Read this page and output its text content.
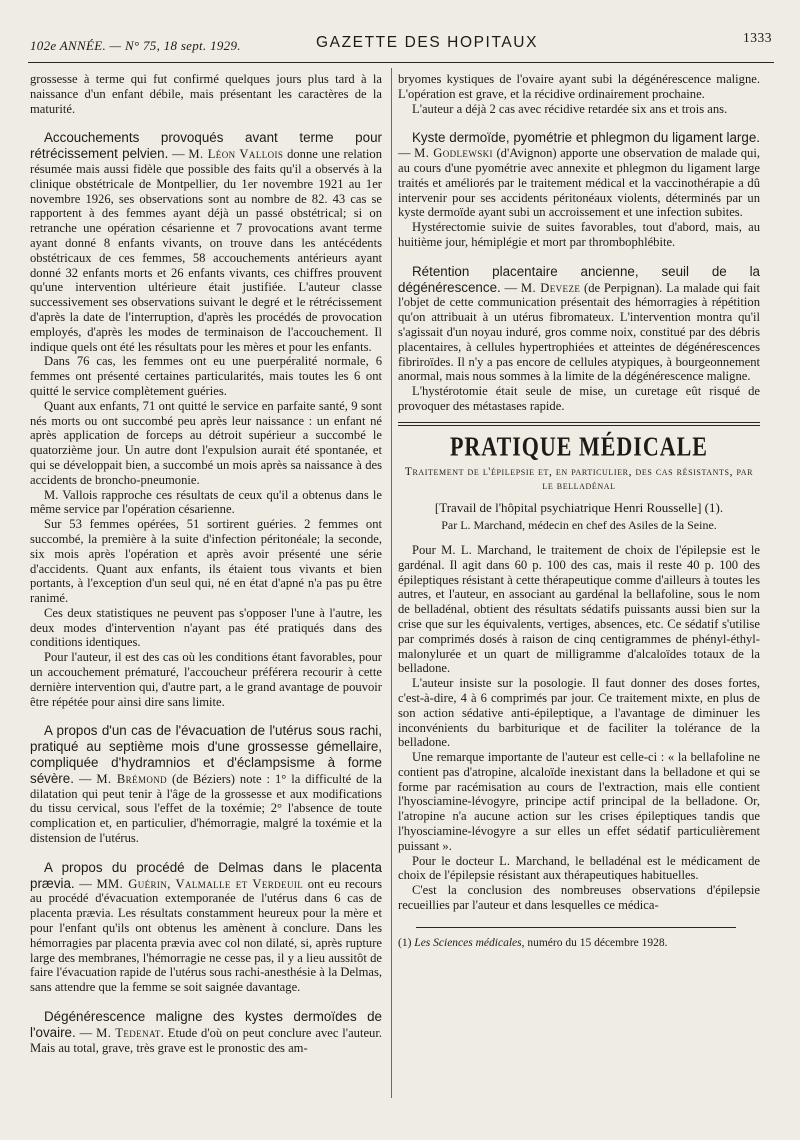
102e ANNÉE. — N° 75, 18 sept. 1929.	GAZETTE DES HOPITAUX	1333

grossesse à terme qui fut confirmé quelques jours plus tard à la naissance d'un enfant débile, mais présentant les caractères de la maturité.

Accouchements provoqués avant terme pour rétrécissement pelvien. — M. Léon Vallois donne une relation résumée mais aussi fidèle que possible des faits qu'il a observés à la clinique obstétricale de Montpellier, du 1er novembre 1921 au 1er novembre 1926, ses observations sont au nombre de 82. 43 cas se rapportent à des femmes ayant déjà un passé obstétrical; si on retranche une opération césarienne et 7 provocations avant terme ayant donné 8 enfants vivants, on trouve dans les antécédents obstétricaux de ces femmes, 58 accouchements antérieurs ayant donné 32 enfants morts et 26 enfants vivants, ces chiffres prouvent qu'une intervention ultérieure était justifiée. L'auteur classe successivement ses observations suivant le degré et le rétrécissement d'après la date de l'interruption, d'après les procédés de provocation employés, d'après les modes de terminaison de l'accouchement. Il indique quels ont été les résultats pour les mères et pour les enfants.

Dans 76 cas, les femmes ont eu une puerpéralité normale, 6 femmes ont présenté certaines particularités, mais toutes les 6 ont quitté le service complètement guéries.

Quant aux enfants, 71 ont quitté le service en parfaite santé, 9 sont nés morts ou ont succombé peu après leur naissance : un enfant né après application de forceps au détroit supérieur a succombé le quatorzième jour. Un autre dont l'expulsion aurait été spontanée, et qui se développait bien, a succombé un mois après sa naissance à des accidents de broncho-pneumonie.

M. Vallois rapproche ces résultats de ceux qu'il a obtenus dans le même service par l'opération césarienne.

Sur 53 femmes opérées, 51 sortirent guéries. 2 femmes ont succombé, la première à la suite d'infection péritonéale; la seconde, six mois après l'opération et après avoir présenté une série d'accidents. Quant aux enfants, ils étaient tous vivants et bien portants, à l'exception d'un seul qui, né en état d'apné n'a pas pu être ranimé.

Ces deux statistiques ne peuvent pas s'opposer l'une à l'autre, les deux modes d'intervention n'ayant pas été pratiqués dans des conditions identiques.

Pour l'auteur, il est des cas où les conditions étant favorables, pour un accouchement prématuré, l'accoucheur préférera recourir à cette dernière intervention qui, d'autre part, a le grand avantage de pouvoir être répétée pour ainsi dire sans limite.

A propos d'un cas de l'évacuation de l'utérus sous rachi, pratiqué au septième mois d'une grossesse gémellaire, compliquée d'hydramnios et d'éclampsisme à forme sévère. — M. Brémond (de Béziers) note : 1° la difficulté de la dilatation qui peut tenir à l'âge de la grossesse et aux modifications du tissu cervical, sous l'effet de la toxémie; 2° l'absence de toute complication et, en particulier, d'hémorragie, malgré la toxémie et la distension de l'utérus.

A propos du procédé de Delmas dans le placenta prævia. — MM. Guérin, Valmalle et Verdeuil ont eu recours au procédé d'évacuation extemporanée de l'utérus dans 6 cas de placenta prævia. Les résultats constamment heureux pour la mère et pour l'enfant qu'ils ont obtenus les amènent à conclure. Dans les hémorragies par placenta prævia avec col non dilaté, si, après rupture large des membranes, l'hémorragie ne cesse pas, il y a lieu aussitôt de faire l'évacuation rapide de l'utérus sous rachi-anesthésie à la Delmas, sans attendre que la femme se soit saignée davantage.

Dégénérescence maligne des kystes dermoïdes de l'ovaire. — M. Tedenat. Etude d'où on peut conclure avec l'auteur. Mais au total, grave, très grave est le pronostic des am-

bryomes kystiques de l'ovaire ayant subi la dégénérescence maligne. L'opération est grave, et la récidive ordinairement prochaine.

L'auteur a déjà 2 cas avec récidive retardée six ans et trois ans.

Kyste dermoïde, pyométrie et phlegmon du ligament large. — M. Godlewski (d'Avignon) apporte une observation de malade qui, au cours d'une pyométrie avec annexite et phlegmon du ligament large traités et améliorés par le traitement médical et la vaccinothérapie a dû intervenir pour ses accidents péritonéaux violents, déterminés par un kyste dermoïde ayant subi un accroissement et une infection subites.

Hystérectomie suivie de suites favorables, tout d'abord, mais, au huitième jour, hémiplégie et mort par thrombophlébite.

Rétention placentaire ancienne, seuil de la dégénérescence. — M. Deveze (de Perpignan). La malade qui fait l'objet de cette communication présentait des hémorragies à répétition qu'on attribuait à un utérus fibromateux. L'intervention montra qu'il s'agissait d'un noyau induré, gros comme noix, constitué par des débris placentaires, à cellules hypertrophiées et atteintes de dégénérescences fibriroïdes. Il n'y a pas encore de cellules atypiques, à bourgeonnement anormal, mais nous sommes à la limite de la dégénérescence maligne.

L'hystérotomie était seule de mise, un curetage eût risqué de provoquer des métastases rapide.

PRATIQUE MÉDICALE
Traitement de l'épilepsie et, en particulier, des cas résistants, par le belladénal
[Travail de l'hôpital psychiatrique Henri Rousselle] (1).
Par L. Marchand, médecin en chef des Asiles de la Seine.

Pour M. L. Marchand, le traitement de choix de l'épilepsie est le gardénal. Il agit dans 60 p. 100 des cas, mais il reste 40 p. 100 des épileptiques résistant à cette thérapeutique comme d'ailleurs à toutes les autres, et l'auteur, en associant au gardénal la bellafoline, sous le nom de belladénal, obtient des résultats sédatifs puissants aussi bien sur la crise que sur les équivalents, vertiges, absences, etc. Ce sédatif s'utilise par comprimés dosés à raison de cinq centigrammes de phényl-éthyl-malonylurée et un quart de milligramme d'alcaloïdes totaux de la belladone.

L'auteur insiste sur la posologie. Il faut donner des doses fortes, c'est-à-dire, 4 à 6 comprimés par jour. Ce traitement mixte, en plus de son action sédative anti-épileptique, a l'avantage de diminuer les inconvénients du barbiturique et de faciliter la tolérance de la belladone.

Une remarque importante de l'auteur est celle-ci : « la bellafoline ne contient pas d'atropine, alcaloïde inexistant dans la belladone et qui se forme par racémisation au cours de l'extraction, mais elle contient l'hyosciamine-lévogyre, principe actif principal de la belladone. Or, l'atropine n'a aucune action sur les crises épileptiques tandis que l'hyosciamine-lévogyre a sur elles un effet sédatif particulièrement puissant ».

Pour le docteur L. Marchand, le belladénal est le médicament de choix de l'épilepsie résistant aux thérapeutiques habituelles.

C'est la conclusion des nombreuses observations d'épilepsie recueillies par l'auteur et dans lesquelles ce médica-

(1) Les Sciences médicales, numéro du 15 décembre 1928.
